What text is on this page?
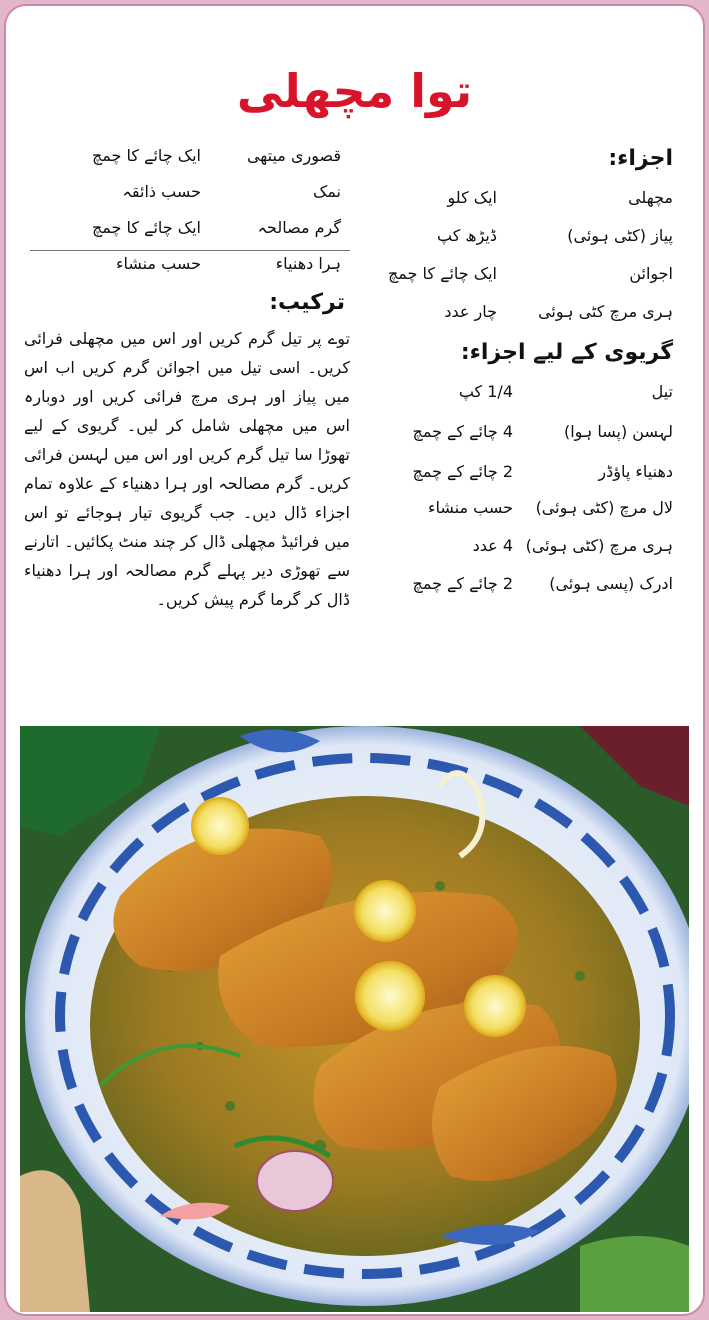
توا مچھلی
اجزاء:
مچھلی
ایک کلو
پیاز (کٹی ہوئی)
ڈیڑھ کپ
اجوائن
ایک چائے کا چمچ
ہری مرچ کٹی ہوئی
چار عدد
قصوری میتھی
ایک چائے کا چمچ
نمک
حسب ذائقہ
گرم مصالحہ
ایک چائے کا چمچ
ہرا دھنیاء
حسب منشاء
ترکیب:
توے پر تیل گرم کریں اور اس میں مچھلی فرائی کریں۔ اسی تیل میں اجوائن گرم کریں اب اس میں پیاز اور ہری مرچ فرائی کریں اور دوبارہ اس میں مچھلی شامل کر لیں۔ گریوی کے لیے تھوڑا سا تیل گرم کریں اور اس میں لہسن فرائی کریں۔ گرم مصالحہ اور ہرا دھنیاء کے علاوہ تمام اجزاء ڈال دیں۔ جب گریوی تیار ہوجائے تو اس میں فرائیڈ مچھلی ڈال کر چند منٹ پکائیں۔ اتارنے سے تھوڑی دیر پہلے گرم مصالحہ اور ہرا دھنیاء ڈال کر گرما گرم پیش کریں۔
گریوی کے لیے اجزاء:
تیل
1/4 کپ
لہسن (پسا ہوا)
4 چائے کے چمچ
دھنیاء پاؤڈر
2 چائے کے چمچ
لال مرچ (کٹی ہوئی)
حسب منشاء
ہری مرچ (کٹی ہوئی)
4 عدد
ادرک (پسی ہوئی)
2 چائے کے چمچ
